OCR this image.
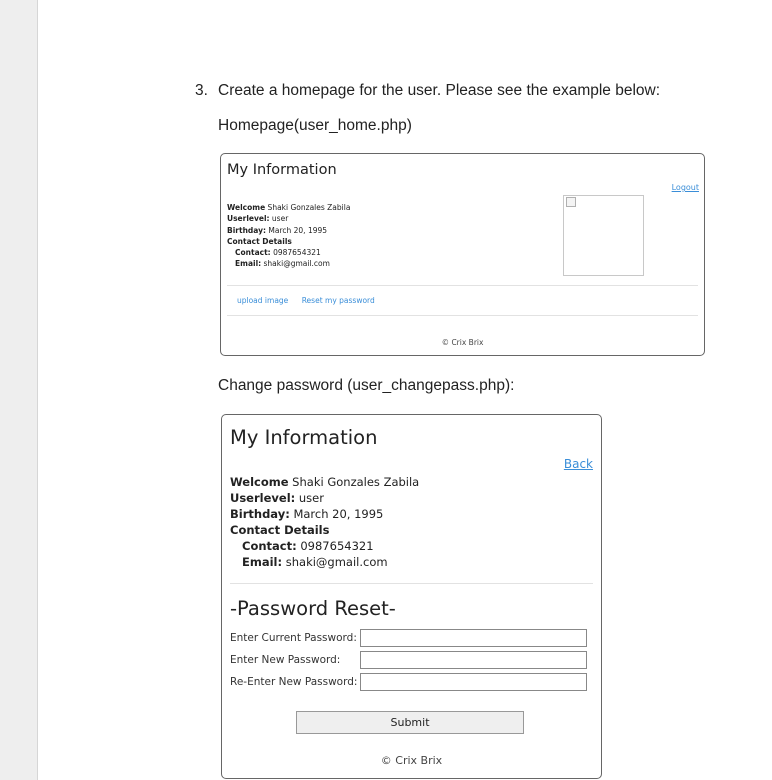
3. Create a homepage for the user. Please see the example below:
Homepage(user_home.php)
My Information
Logout
Welcome Shaki Gonzales Zabila
Userlevel: user
Birthday: March 20, 1995
Contact Details
Contact: 0987654321
Email: shaki@gmail.com
upload image Reset my password
© Crix Brix
Change password (user_changepass.php):
My Information
Back
Welcome Shaki Gonzales Zabila
Userlevel: user
Birthday: March 20, 1995
Contact Details
Contact: 0987654321
Email: shaki@gmail.com
-Password Reset-
Enter Current Password:
Enter New Password:
Re-Enter New Password:
Submit
© Crix Brix
